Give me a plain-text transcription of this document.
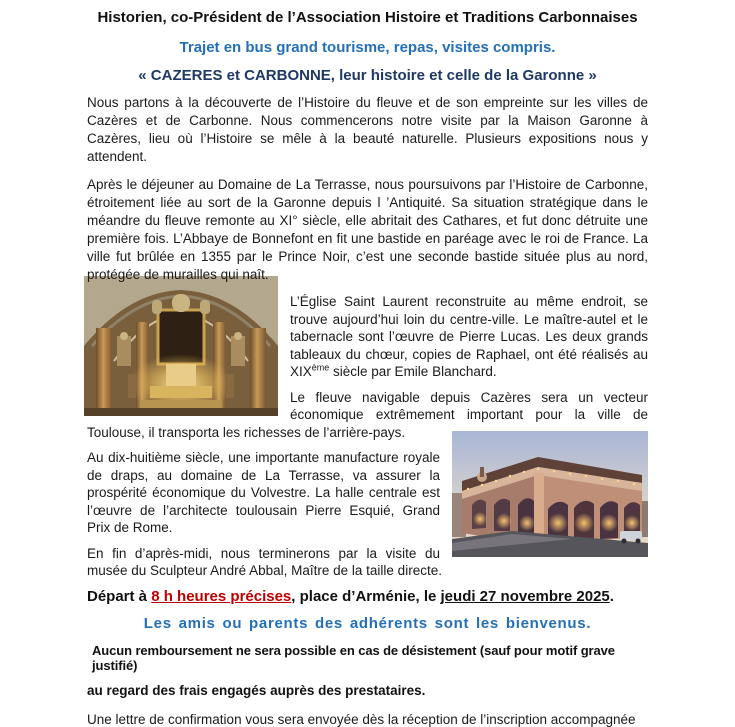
Historien, co-Président de l’Association Histoire et Traditions Carbonnaises
Trajet en bus grand tourisme, repas, visites compris.
« CAZERES et CARBONNE, leur histoire et celle de la Garonne »

Nous partons à la découverte de l’Histoire du fleuve et de son empreinte sur les villes de Cazères et de Carbonne. Nous commencerons notre visite par la Maison Garonne à Cazères, lieu où l’Histoire se mêle à la beauté naturelle. Plusieurs expositions nous y attendent.

Après le déjeuner au Domaine de La Terrasse, nous poursuivons par l’Histoire de Carbonne, étroitement liée au sort de la Garonne depuis l ’Antiquité. Sa situation stratégique dans le méandre du fleuve remonte au XI° siècle, elle abritait des Cathares, et fut donc détruite une première fois. L’Abbaye de Bonnefont en fit une bastide en paréage avec le roi de France. La ville fut brûlée en 1355 par le Prince Noir, c’est une seconde bastide située plus au nord, protégée de murailles qui naît.

L’Église Saint Laurent reconstruite au même endroit, se trouve aujourd’hui loin du centre-ville. Le maître-autel et le tabernacle sont l’œuvre de Pierre Lucas. Les deux grands tableaux du chœur, copies de Raphael, ont été réalisés au XIXème siècle par Emile Blanchard.

Le fleuve navigable depuis Cazères sera un vecteur économique extrêmement important pour la ville de Toulouse, il transporta les richesses de l’arrière-pays.

Au dix-huitième siècle, une importante manufacture royale de draps, au domaine de La Terrasse, va assurer la prospérité économique du Volvestre. La halle centrale est l’œuvre de l’architecte toulousain Pierre Esquié, Grand Prix de Rome.

En fin d’après-midi, nous terminerons par la visite du musée du Sculpteur André Abbal, Maître de la taille directe.

Départ à 8 h heures précises, place d’Arménie, le jeudi 27 novembre 2025.
Les amis ou parents des adhérents sont les bienvenus.
Aucun remboursement ne sera possible en cas de désistement (sauf pour motif grave justifié)
au regard des frais engagés auprès des prestataires.
Une lettre de confirmation vous sera envoyée dès la réception de l’inscription accompagnée
